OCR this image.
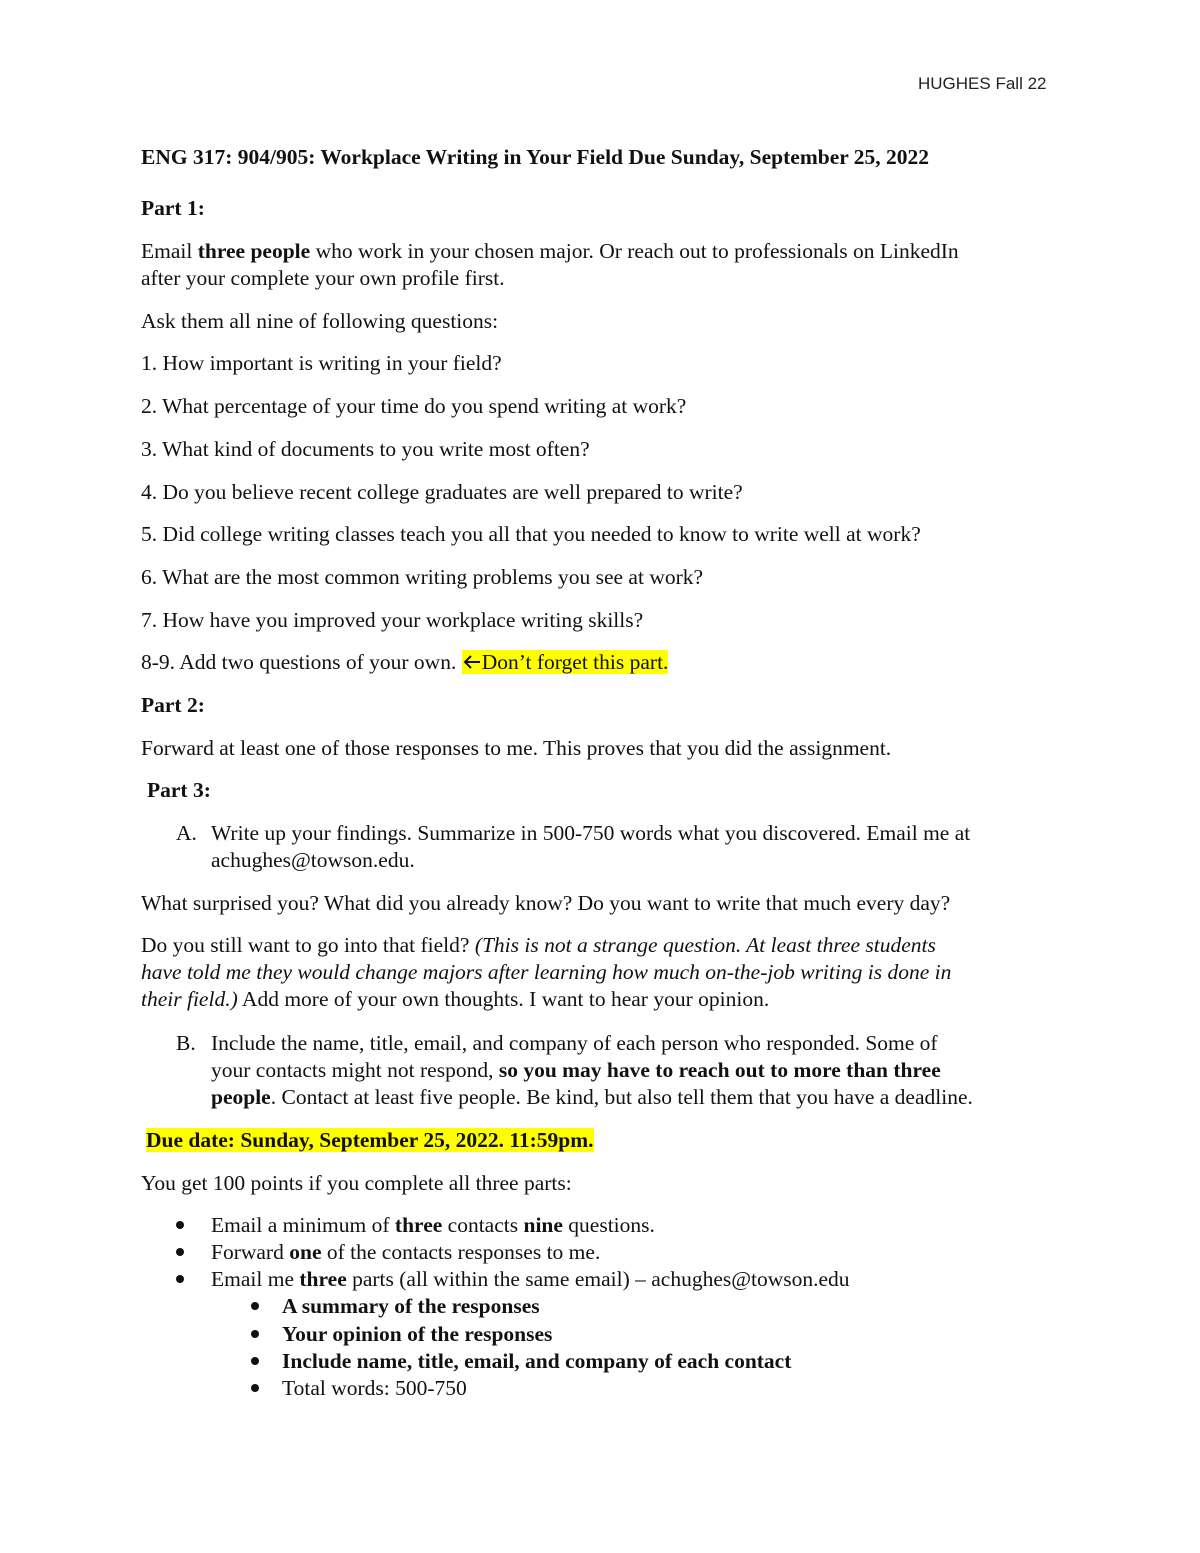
HUGHES Fall 22

ENG 317: 904/905: Workplace Writing in Your Field Due Sunday, September 25, 2022

Part 1:

Email three people who work in your chosen major. Or reach out to professionals on LinkedIn

after your complete your own profile first.

Ask them all nine of following questions:

1. How important is writing in your field?

2. What percentage of your time do you spend writing at work?

3. What kind of documents to you write most often?

4. Do you believe recent college graduates are well prepared to write?

5. Did college writing classes teach you all that you needed to know to write well at work?

6. What are the most common writing problems you see at work?

7. How have you improved your workplace writing skills?

8-9. Add two questions of your own. Don’t forget this part.

Part 2:

Forward at least one of those responses to me. This proves that you did the assignment.

Part 3:

A. Write up your findings. Summarize in 500-750 words what you discovered. Email me at

achughes@towson.edu.

What surprised you? What did you already know? Do you want to write that much every day?

Do you still want to go into that field? (This is not a strange question. At least three students

have told me they would change majors after learning how much on-the-job writing is done in

their field.) Add more of your own thoughts. I want to hear your opinion.

B. Include the name, title, email, and company of each person who responded. Some of

your contacts might not respond, so you may have to reach out to more than three

people. Contact at least five people. Be kind, but also tell them that you have a deadline.

Due date: Sunday, September 25, 2022. 11:59pm.

You get 100 points if you complete all three parts:

Email a minimum of three contacts nine questions.

Forward one of the contacts responses to me.

Email me three parts (all within the same email) – achughes@towson.edu

A summary of the responses

Your opinion of the responses

Include name, title, email, and company of each contact

Total words: 500-750
